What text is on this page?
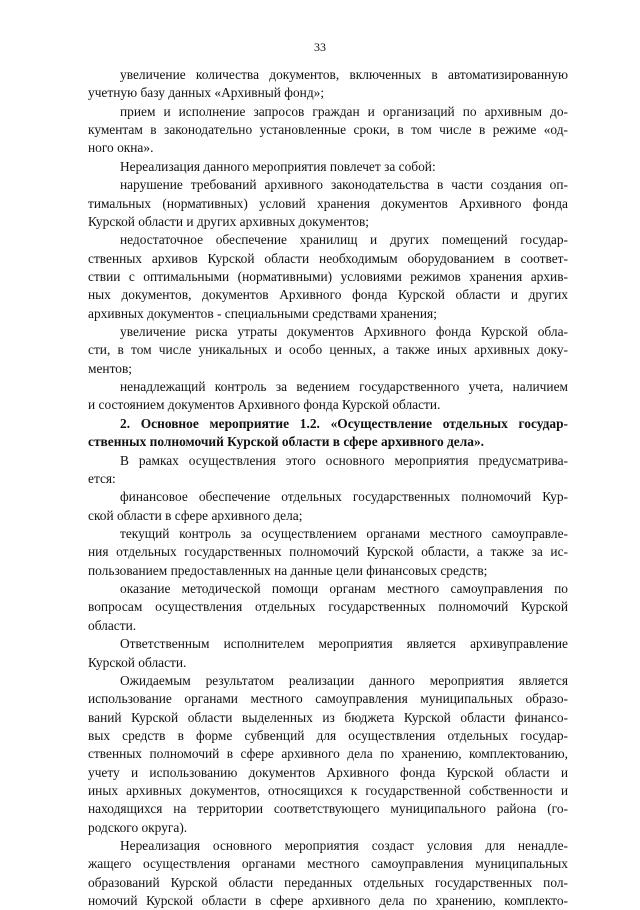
33
увеличение количества документов, включенных в автоматизированную
учетную базу данных «Архивный фонд»;
прием и исполнение запросов граждан и организаций по архивным до-
кументам в законодательно установленные сроки, в том числе в режиме «од-
ного окна».
Нереализация данного мероприятия повлечет за собой:
нарушение требований архивного законодательства в части создания оп-
тимальных (нормативных) условий хранения документов Архивного фонда
Курской области и других архивных документов;
недостаточное обеспечение хранилищ и других помещений государ-
ственных архивов Курской области необходимым оборудованием в соответ-
ствии с оптимальными (нормативными) условиями режимов хранения архив-
ных документов, документов Архивного фонда Курской области и других
архивных документов - специальными средствами хранения;
увеличение риска утраты документов Архивного фонда Курской обла-
сти, в том числе уникальных и особо ценных, а также иных архивных доку-
ментов;
ненадлежащий контроль за ведением государственного учета, наличием
и состоянием документов Архивного фонда Курской области.
2. Основное мероприятие 1.2. «Осуществление отдельных государ-
ственных полномочий Курской области в сфере архивного дела».
В рамках осуществления этого основного мероприятия предусматрива-
ется:
финансовое обеспечение отдельных государственных полномочий Кур-
ской области в сфере архивного дела;
текущий контроль за осуществлением органами местного самоуправле-
ния отдельных государственных полномочий Курской области, а также за ис-
пользованием предоставленных на данные цели финансовых средств;
оказание методической помощи органам местного самоуправления по
вопросам осуществления отдельных государственных полномочий Курской
области.
Ответственным исполнителем мероприятия является архивуправление
Курской области.
Ожидаемым результатом реализации данного мероприятия является
использование органами местного самоуправления муниципальных образо-
ваний Курской области выделенных из бюджета Курской области финансо-
вых средств в форме субвенций для осуществления отдельных государ-
ственных полномочий в сфере архивного дела по хранению, комплектованию,
учету и использованию документов Архивного фонда Курской области и
иных архивных документов, относящихся к государственной собственности и
находящихся на территории соответствующего муниципального района (го-
родского округа).
Нереализация основного мероприятия создаст условия для ненадле-
жащего осуществления органами местного самоуправления муниципальных
образований Курской области переданных отдельных государственных пол-
номочий Курской области в сфере архивного дела по хранению, комплекто-
